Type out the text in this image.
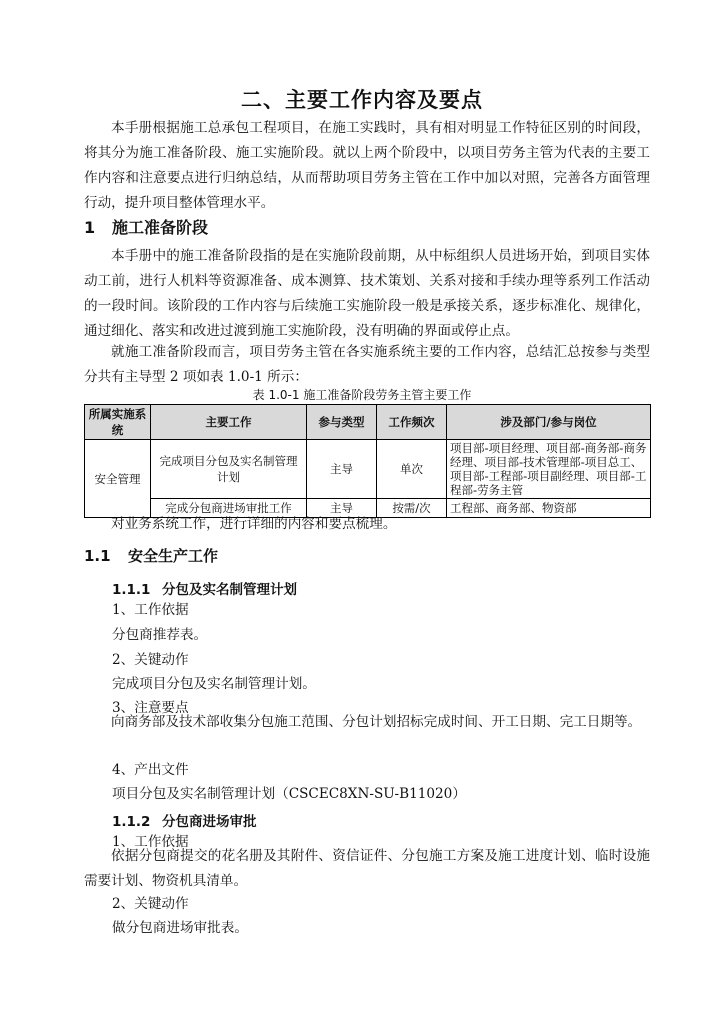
二、主要工作内容及要点

本手册根据施工总承包工程项目，在施工实践时，具有相对明显工作特征区别的时间段，将其分为施工准备阶段、施工实施阶段。就以上两个阶段中，以项目劳务主管为代表的主要工作内容和注意要点进行归纳总结，从而帮助项目劳务主管在工作中加以对照，完善各方面管理行动，提升项目整体管理水平。

1 施工准备阶段

本手册中的施工准备阶段指的是在实施阶段前期，从中标组织人员进场开始，到项目实体动工前，进行人机料等资源准备、成本测算、技术策划、关系对接和手续办理等系列工作活动的一段时间。该阶段的工作内容与后续施工实施阶段一般是承接关系，逐步标准化、规律化，通过细化、落实和改进过渡到施工实施阶段，没有明确的界面或停止点。

就施工准备阶段而言，项目劳务主管在各实施系统主要的工作内容，总结汇总按参与类型分共有主导型 2 项如表 1.0-1 所示：

表 1.0-1 施工准备阶段劳务主管主要工作
所属实施系统	主要工作	参与类型	工作频次	涉及部门/参与岗位
安全管理	完成项目分包及实名制管理计划	主导	单次	项目部-项目经理、项目部-商务部-商务经理、项目部-技术管理部-项目总工、项目部-工程部-项目副经理、项目部-工程部-劳务主管
	完成分包商进场审批工作	主导	按需/次	工程部、商务部、物资部

对业务系统工作，进行详细的内容和要点梳理。

1.1 安全生产工作
1.1.1 分包及实名制管理计划
1、工作依据
分包商推荐表。
2、关键动作
完成项目分包及实名制管理计划。
3、注意要点

向商务部及技术部收集分包施工范围、分包计划招标完成时间、开工日期、完工日期等。

4、产出文件
项目分包及实名制管理计划（CSCEC8XN-SU-B11020）
1.1.2 分包商进场审批
1、工作依据

依据分包商提交的花名册及其附件、资信证件、分包施工方案及施工进度计划、临时设施需要计划、物资机具清单。

2、关键动作
做分包商进场审批表。
